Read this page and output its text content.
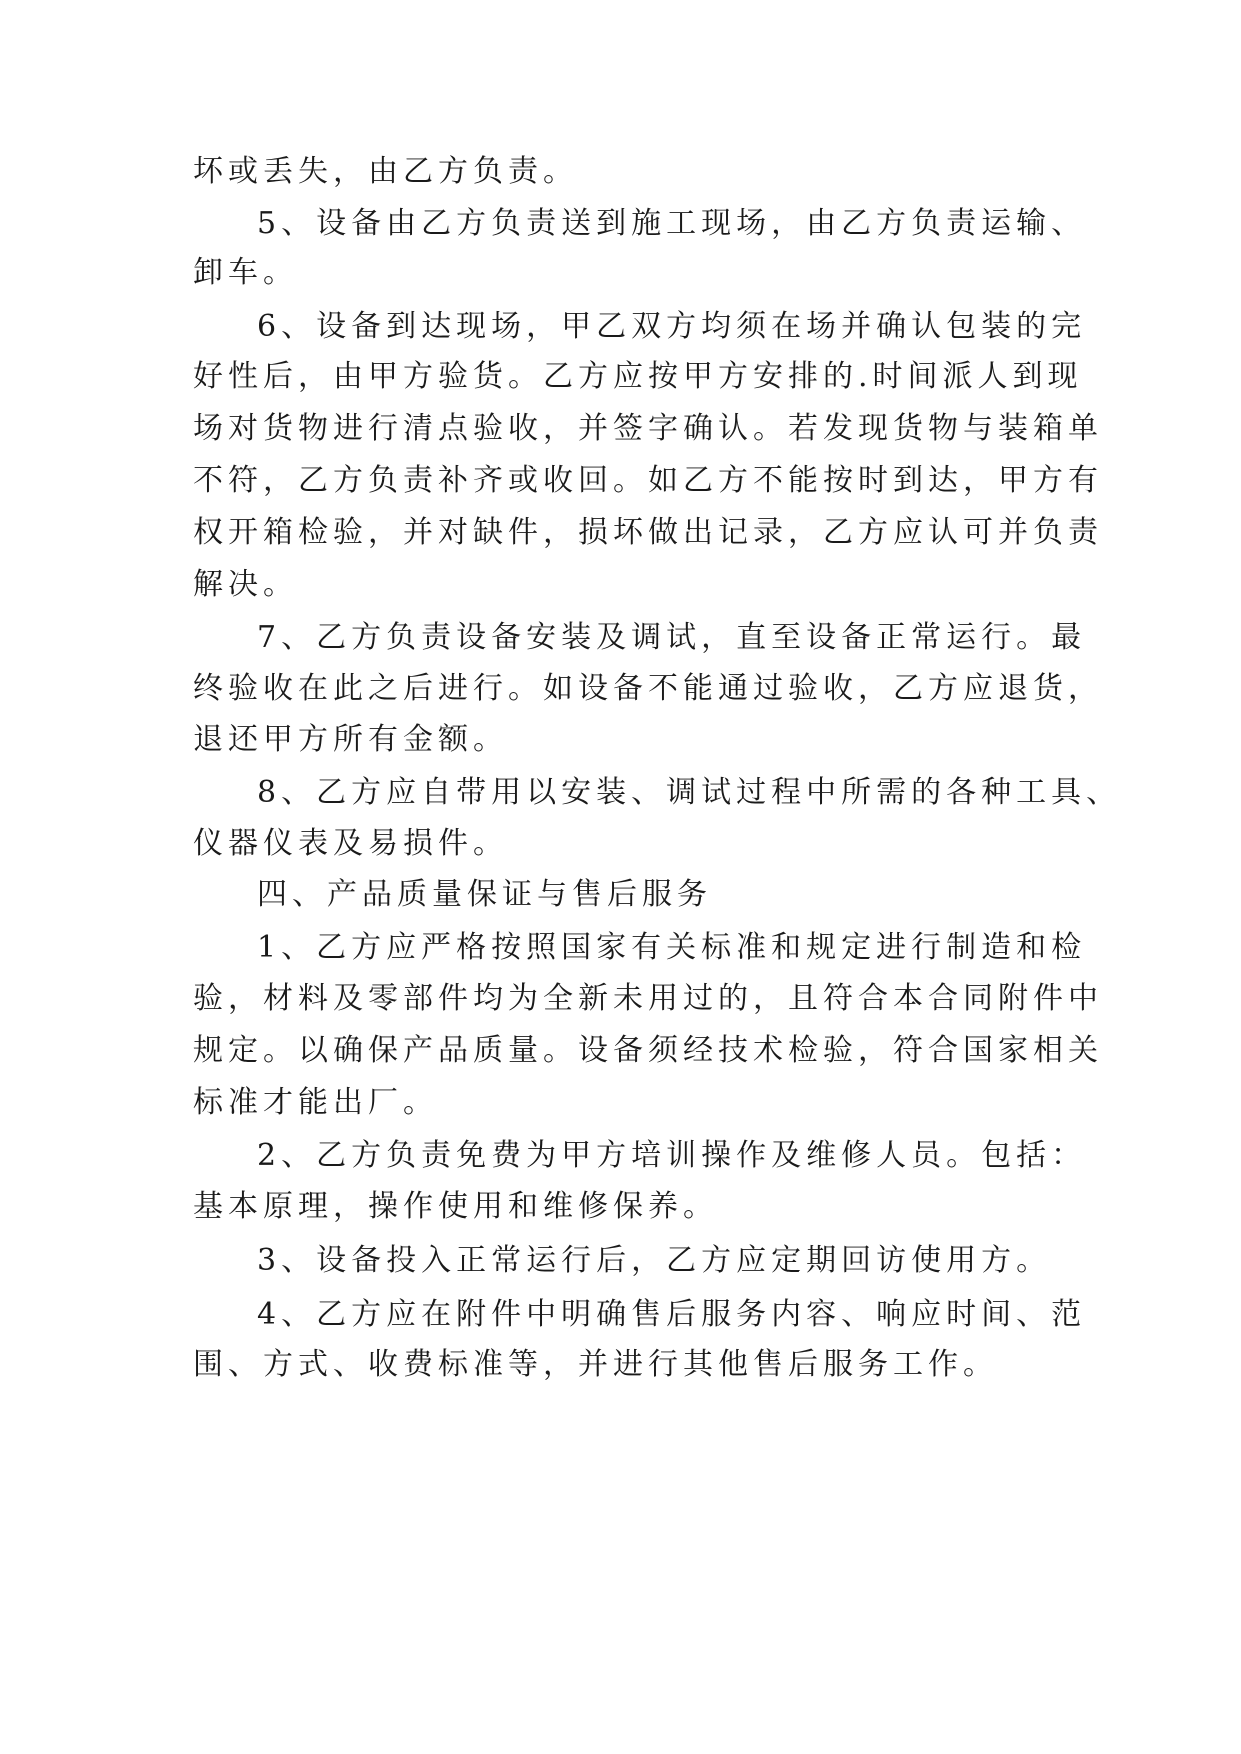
坏或丢失，由乙方负责。
5、设备由乙方负责送到施工现场，由乙方负责运输、
卸车。
6、设备到达现场，甲乙双方均须在场并确认包装的完
好性后，由甲方验货。乙方应按甲方安排的.时间派人到现
场对货物进行清点验收，并签字确认。若发现货物与装箱单
不符，乙方负责补齐或收回。如乙方不能按时到达，甲方有
权开箱检验，并对缺件，损坏做出记录，乙方应认可并负责
解决。
7、乙方负责设备安装及调试，直至设备正常运行。最
终验收在此之后进行。如设备不能通过验收，乙方应退货，
退还甲方所有金额。
8、乙方应自带用以安装、调试过程中所需的各种工具、
仪器仪表及易损件。
四、产品质量保证与售后服务
1、乙方应严格按照国家有关标准和规定进行制造和检
验，材料及零部件均为全新未用过的，且符合本合同附件中
规定。以确保产品质量。设备须经技术检验，符合国家相关
标准才能出厂。
2、乙方负责免费为甲方培训操作及维修人员。包括：
基本原理，操作使用和维修保养。
3、设备投入正常运行后，乙方应定期回访使用方。
4、乙方应在附件中明确售后服务内容、响应时间、范
围、方式、收费标准等，并进行其他售后服务工作。
